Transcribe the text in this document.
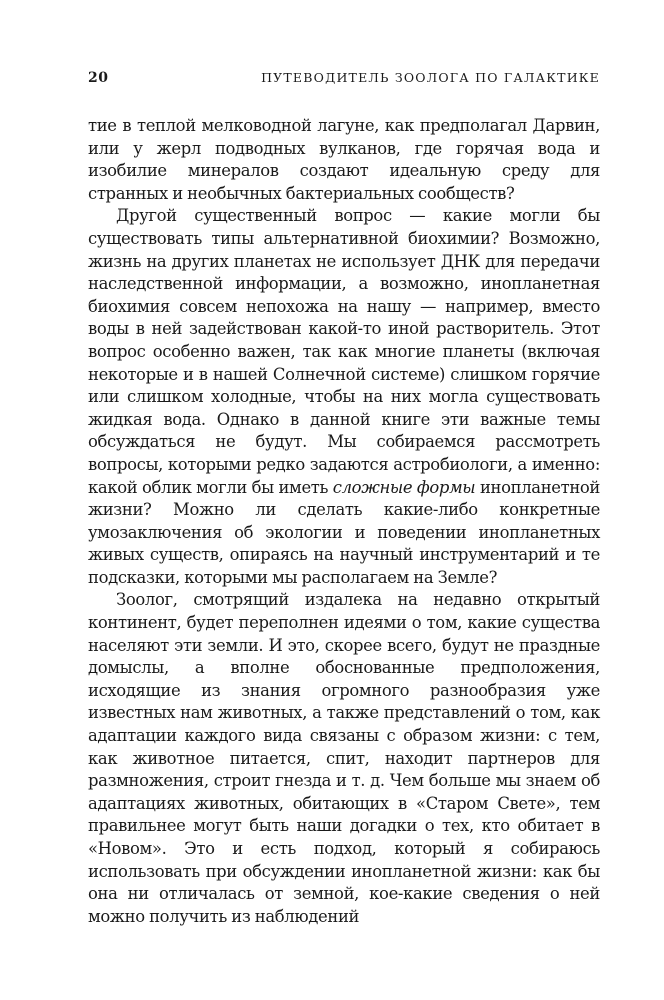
20	ПУТЕВОДИТЕЛЬ ЗООЛОГА ПО ГАЛАКТИКЕ

тие в теплой мелководной лагуне, как предполагал Дарвин, или у жерл подводных вулканов, где горячая вода и изобилие минералов создают идеальную среду для странных и необычных бактериальных сообществ?

Другой существенный вопрос — какие могли бы существовать типы альтернативной биохимии? Возможно, жизнь на других планетах не использует ДНК для передачи наследственной информации, а возможно, инопланетная биохимия совсем непохожа на нашу — например, вместо воды в ней задействован какой-то иной растворитель. Этот вопрос особенно важен, так как многие планеты (включая некоторые и в нашей Солнечной системе) слишком горячие или слишком холодные, чтобы на них могла существовать жидкая вода. Однако в данной книге эти важные темы обсуждаться не будут. Мы собираемся рассмотреть вопросы, которыми редко задаются астробиологи, а именно: какой облик могли бы иметь сложные формы инопланетной жизни? Можно ли сделать какие-либо конкретные умозаключения об экологии и поведении инопланетных живых существ, опираясь на научный инструментарий и те подсказки, которыми мы располагаем на Земле?

Зоолог, смотрящий издалека на недавно открытый континент, будет переполнен идеями о том, какие существа населяют эти земли. И это, скорее всего, будут не праздные домыслы, а вполне обоснованные предположения, исходящие из знания огромного разнообразия уже известных нам животных, а также представлений о том, как адаптации каждого вида связаны с образом жизни: с тем, как животное питается, спит, находит партнеров для размножения, строит гнезда и т. д. Чем больше мы знаем об адаптациях животных, обитающих в «Старом Свете», тем правильнее могут быть наши догадки о тех, кто обитает в «Новом». Это и есть подход, который я собираюсь использовать при обсуждении инопланетной жизни: как бы она ни отличалась от земной, кое-какие сведения о ней можно получить из наблюдений
